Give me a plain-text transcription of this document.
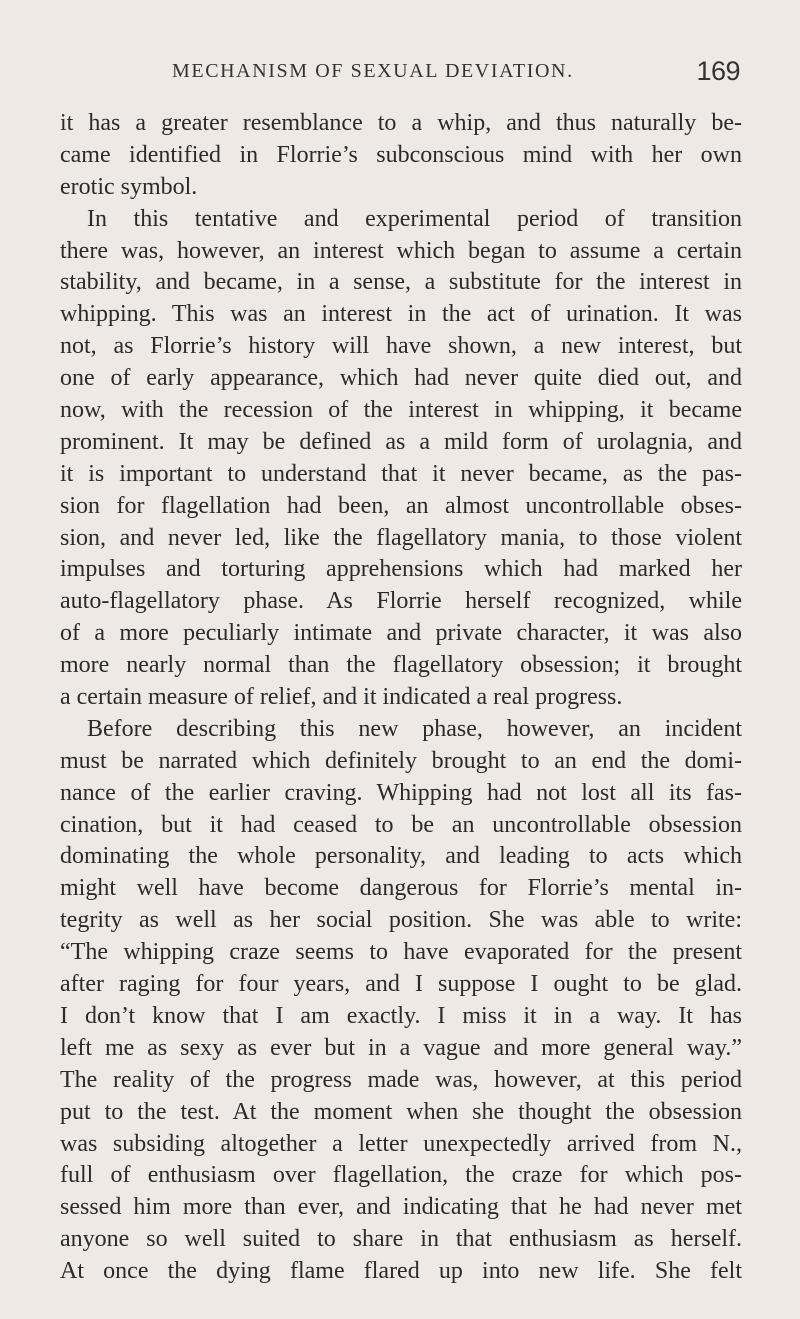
MECHANISM OF SEXUAL DEVIATION.	169
it has a greater resemblance to a whip, and thus naturally be-
came identified in Florrie’s subconscious mind with her own
erotic symbol.
In this tentative and experimental period of transition
there was, however, an interest which began to assume a certain
stability, and became, in a sense, a substitute for the interest in
whipping. This was an interest in the act of urination. It was
not, as Florrie’s history will have shown, a new interest, but
one of early appearance, which had never quite died out, and
now, with the recession of the interest in whipping, it became
prominent. It may be defined as a mild form of urolagnia, and
it is important to understand that it never became, as the pas-
sion for flagellation had been, an almost uncontrollable obses-
sion, and never led, like the flagellatory mania, to those violent
impulses and torturing apprehensions which had marked her
auto-flagellatory phase. As Florrie herself recognized, while
of a more peculiarly intimate and private character, it was also
more nearly normal than the flagellatory obsession; it brought
a certain measure of relief, and it indicated a real progress.
Before describing this new phase, however, an incident
must be narrated which definitely brought to an end the domi-
nance of the earlier craving. Whipping had not lost all its fas-
cination, but it had ceased to be an uncontrollable obsession
dominating the whole personality, and leading to acts which
might well have become dangerous for Florrie’s mental in-
tegrity as well as her social position. She was able to write:
“The whipping craze seems to have evaporated for the present
after raging for four years, and I suppose I ought to be glad.
I don’t know that I am exactly. I miss it in a way. It has
left me as sexy as ever but in a vague and more general way.”
The reality of the progress made was, however, at this period
put to the test. At the moment when she thought the obsession
was subsiding altogether a letter unexpectedly arrived from N.,
full of enthusiasm over flagellation, the craze for which pos-
sessed him more than ever, and indicating that he had never met
anyone so well suited to share in that enthusiasm as herself.
At once the dying flame flared up into new life. She felt
